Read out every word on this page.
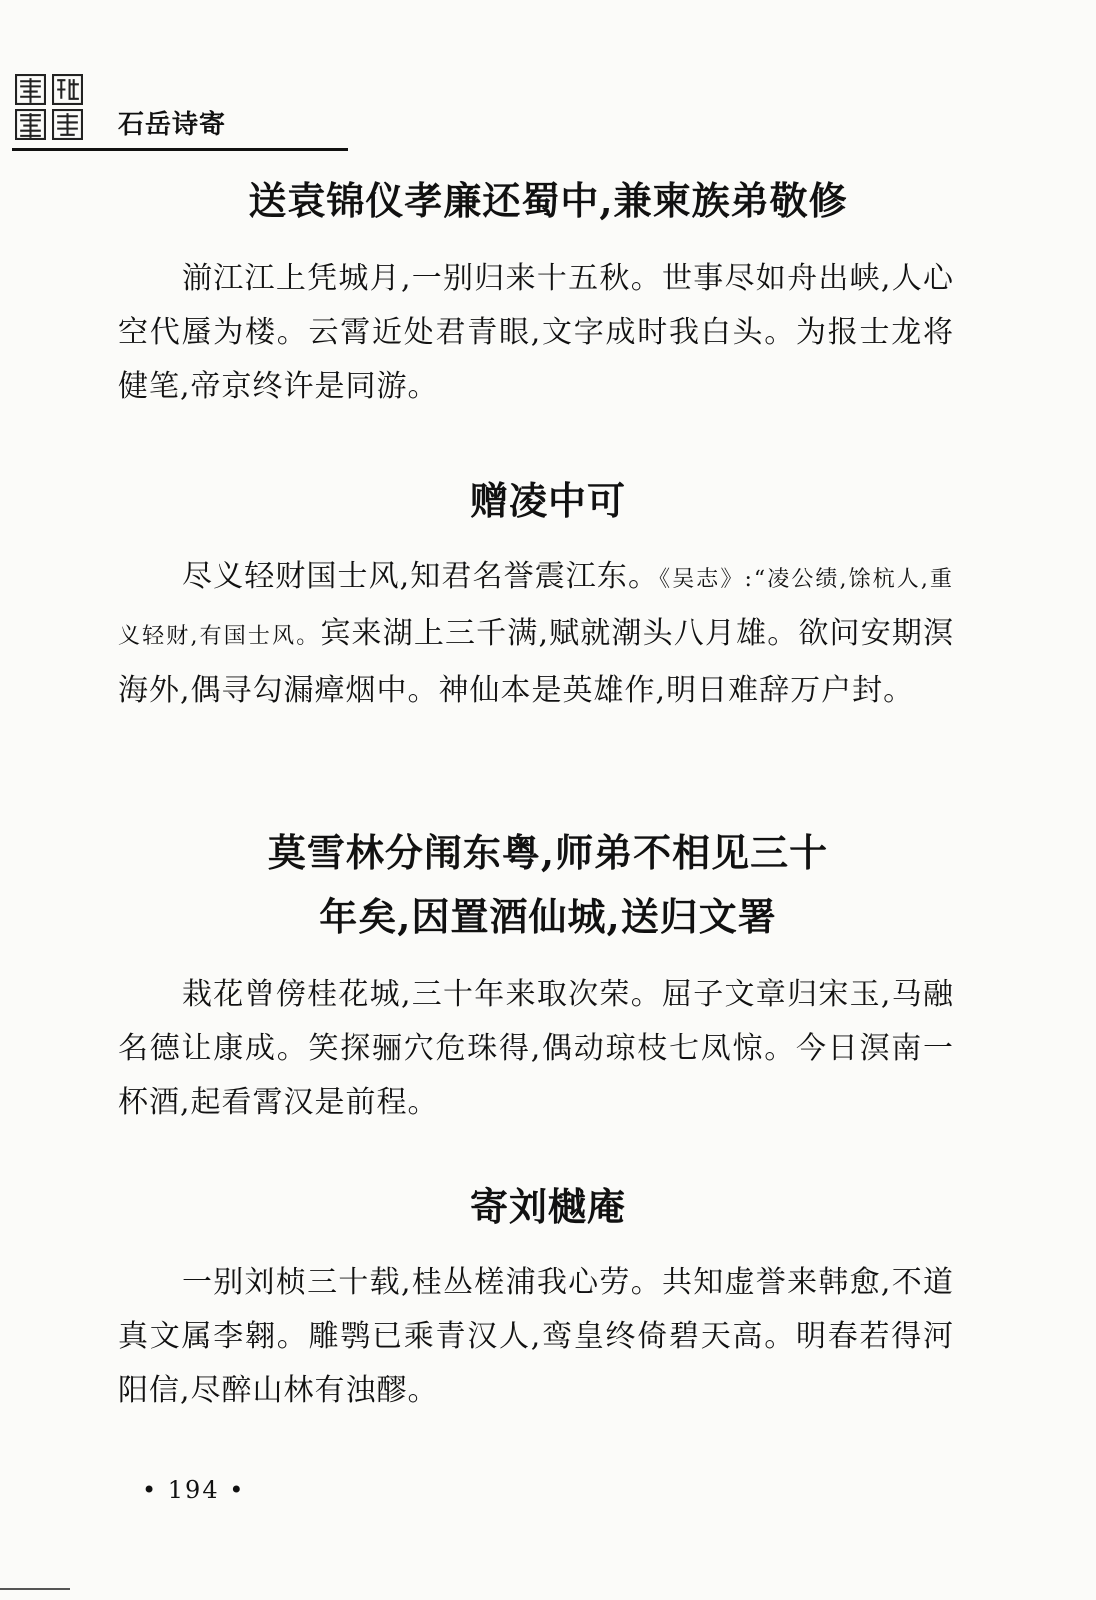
石岳诗寄
送袁锦仪孝廉还蜀中,兼柬族弟敬修
湔江江上凭城月,一别归来十五秋。世事尽如舟出峡,人心空代蜃为楼。云霄近处君青眼,文字成时我白头。为报士龙将健笔,帝京终许是同游。
赠凌中可
尽义轻财国士风,知君名誉震江东。《吴志》:“凌公绩,馀杭人,重义轻财,有国士风。宾来湖上三千满,赋就潮头八月雄。欲问安期溟海外,偶寻勾漏瘴烟中。神仙本是英雄作,明日难辞万户封。
莫雪林分闱东粤,师弟不相见三十
年矣,因置酒仙城,送归文署
栽花曾傍桂花城,三十年来取次荣。屈子文章归宋玉,马融名德让康成。笑探骊穴危珠得,偶动琼枝七凤惊。今日溟南一杯酒,起看霄汉是前程。
寄刘樾庵
一别刘桢三十载,桂丛槎浦我心劳。共知虚誉来韩愈,不道真文属李翱。雕鹗已乘青汉人,鸾皇终倚碧天高。明春若得河阳信,尽醉山林有浊醪。
• 194 •
